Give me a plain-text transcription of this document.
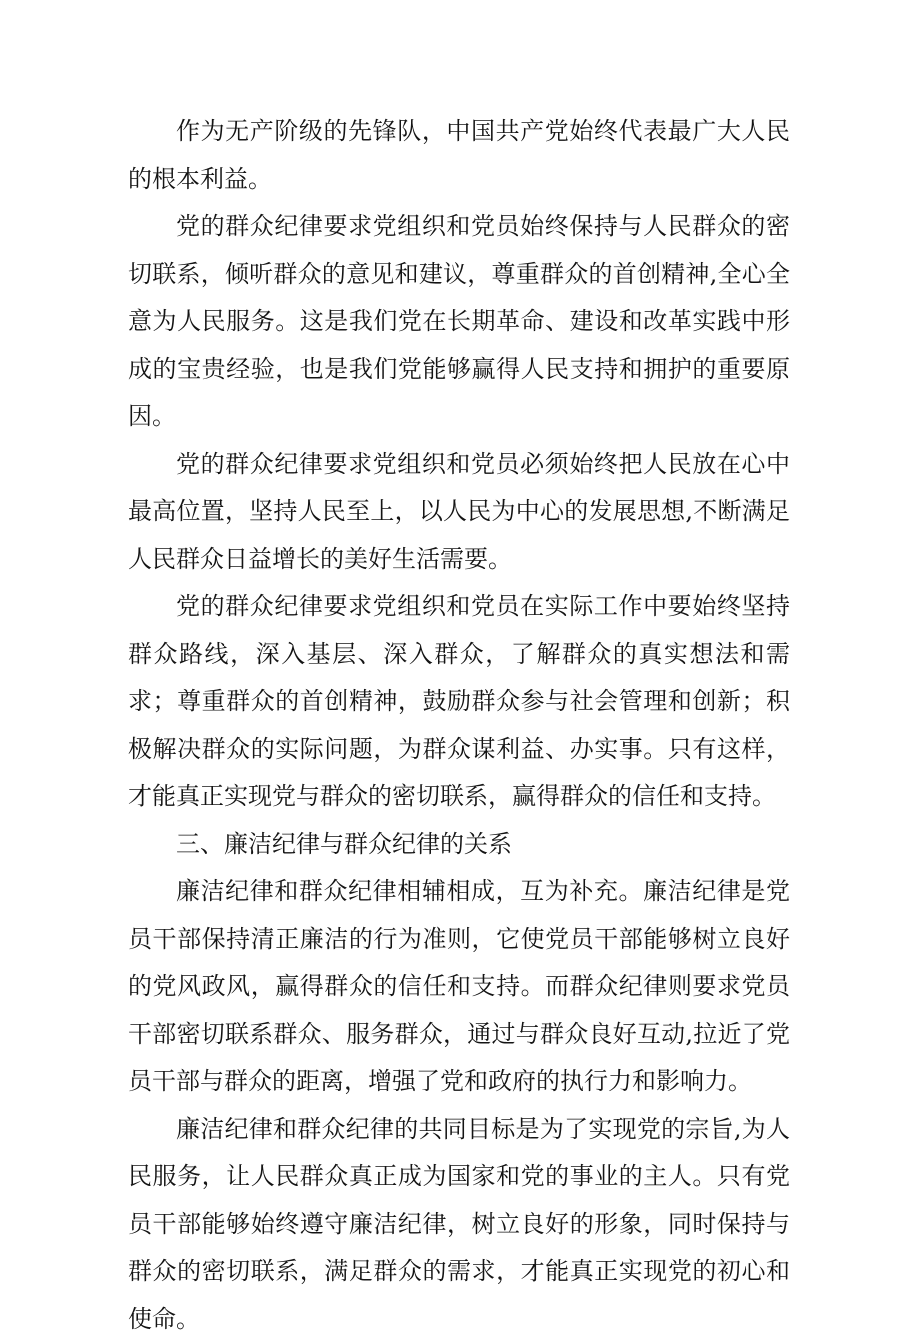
作为无产阶级的先锋队，中国共产党始终代表最广大人民的根本利益。

党的群众纪律要求党组织和党员始终保持与人民群众的密切联系，倾听群众的意见和建议，尊重群众的首创精神,全心全意为人民服务。这是我们党在长期革命、建设和改革实践中形成的宝贵经验，也是我们党能够赢得人民支持和拥护的重要原因。

党的群众纪律要求党组织和党员必须始终把人民放在心中最高位置，坚持人民至上，以人民为中心的发展思想,不断满足人民群众日益增长的美好生活需要。

党的群众纪律要求党组织和党员在实际工作中要始终坚持群众路线，深入基层、深入群众，了解群众的真实想法和需求；尊重群众的首创精神，鼓励群众参与社会管理和创新；积极解决群众的实际问题，为群众谋利益、办实事。只有这样，才能真正实现党与群众的密切联系，赢得群众的信任和支持。

三、廉洁纪律与群众纪律的关系

廉洁纪律和群众纪律相辅相成，互为补充。廉洁纪律是党员干部保持清正廉洁的行为准则，它使党员干部能够树立良好的党风政风，赢得群众的信任和支持。而群众纪律则要求党员干部密切联系群众、服务群众，通过与群众良好互动,拉近了党员干部与群众的距离，增强了党和政府的执行力和影响力。

廉洁纪律和群众纪律的共同目标是为了实现党的宗旨,为人民服务，让人民群众真正成为国家和党的事业的主人。只有党员干部能够始终遵守廉洁纪律，树立良好的形象，同时保持与群众的密切联系，满足群众的需求，才能真正实现党的初心和使命。
